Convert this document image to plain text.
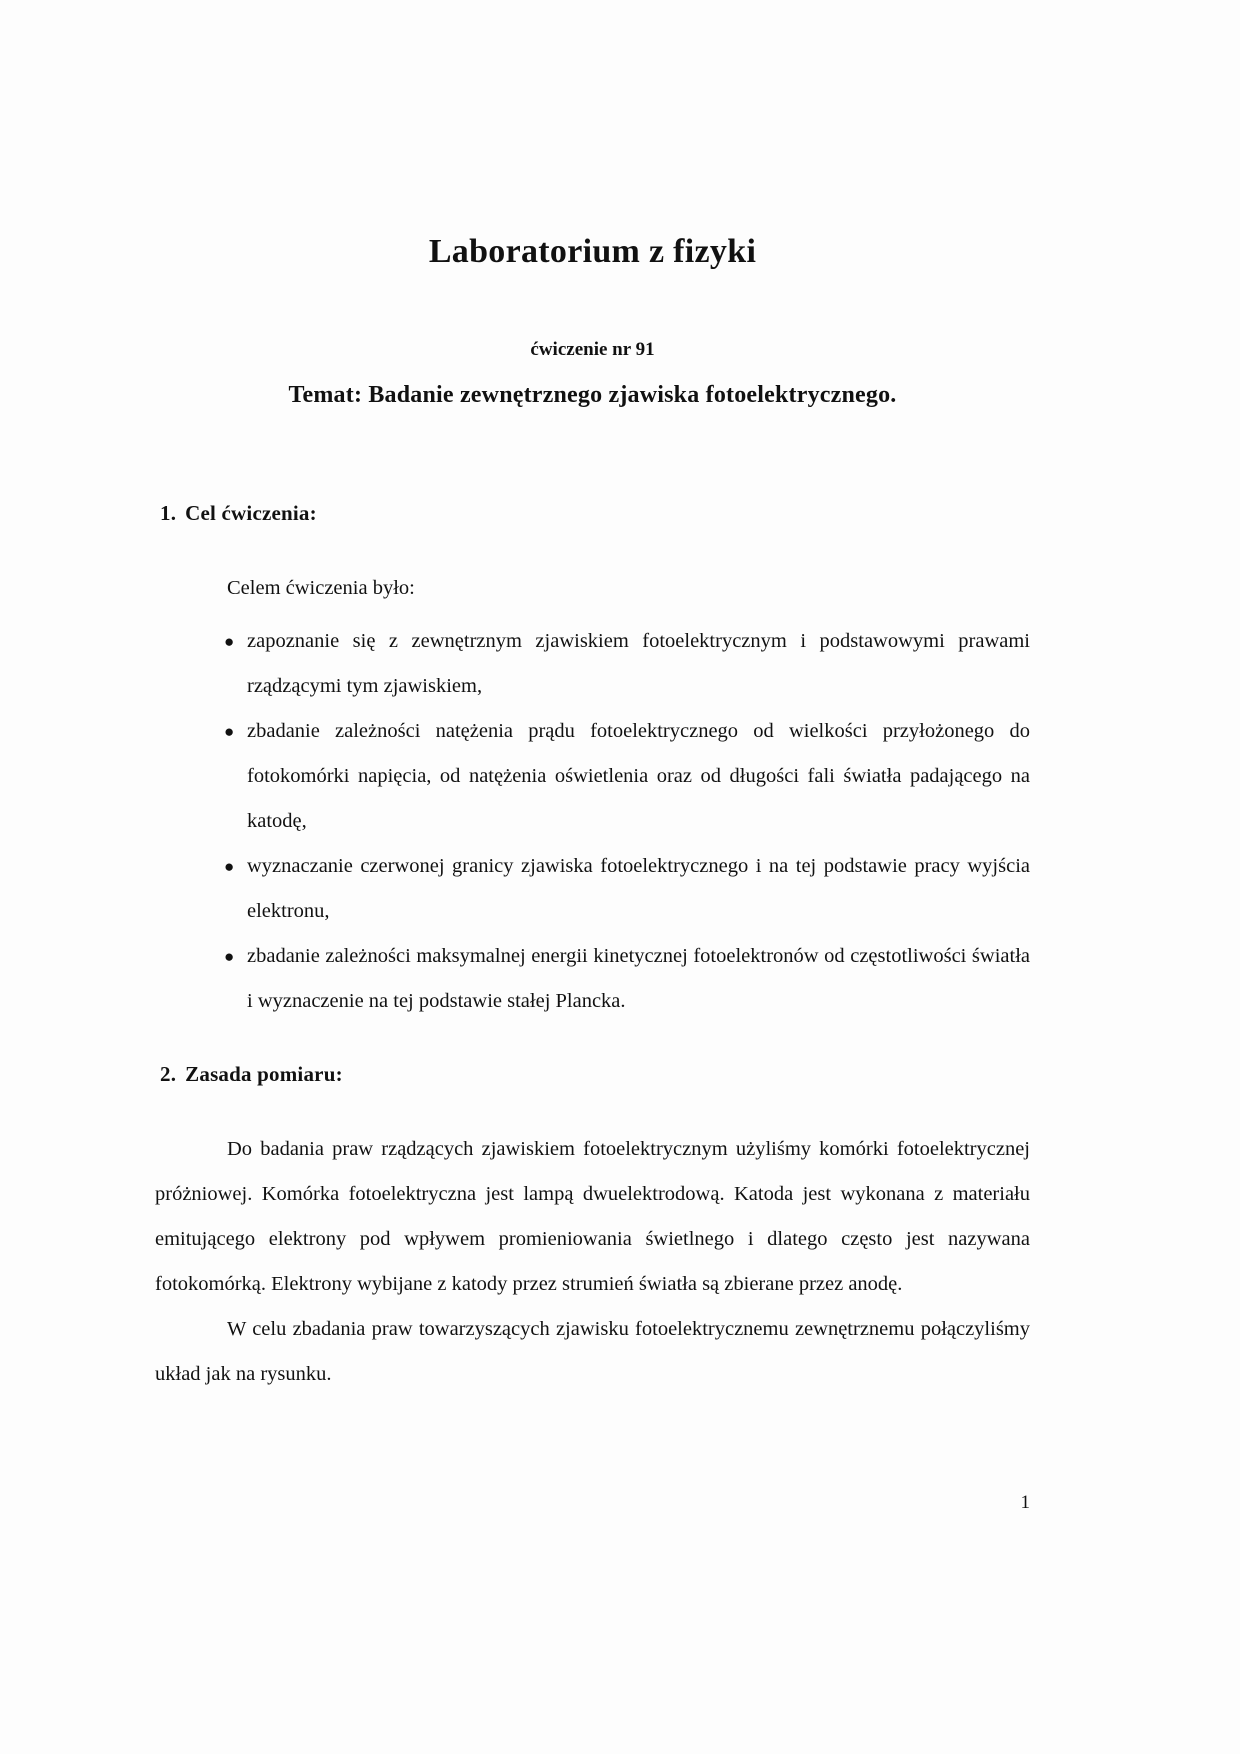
Laboratorium z fizyki

ćwiczenie nr 91

Temat: Badanie zewnętrznego zjawiska fotoelektrycznego.

1. Cel ćwiczenia:

Celem ćwiczenia było:

● zapoznanie się z zewnętrznym zjawiskiem fotoelektrycznym i podstawowymi prawami rządzącymi tym zjawiskiem,
● zbadanie zależności natężenia prądu fotoelektrycznego od wielkości przyłożonego do fotokomórki napięcia, od natężenia oświetlenia oraz od długości fali światła padającego na katodę,
● wyznaczanie czerwonej granicy zjawiska fotoelektrycznego i na tej podstawie pracy wyjścia elektronu,
● zbadanie zależności maksymalnej energii kinetycznej fotoelektronów od częstotliwości światła i wyznaczenie na tej podstawie stałej Plancka.
2. Zasada pomiaru:

Do badania praw rządzących zjawiskiem fotoelektrycznym użyliśmy komórki fotoelektrycznej próżniowej. Komórka fotoelektryczna jest lampą dwuelektrodową. Katoda jest wykonana z materiału emitującego elektrony pod wpływem promieniowania świetlnego i dlatego często jest nazywana fotokomórką. Elektrony wybijane z katody przez strumień światła są zbierane przez anodę.

W celu zbadania praw towarzyszących zjawisku fotoelektrycznemu zewnętrznemu połączyliśmy układ jak na rysunku.

1
